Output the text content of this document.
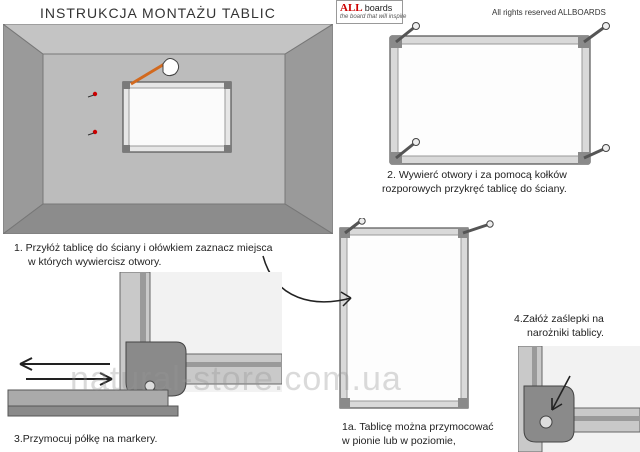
INSTRUKCJA MONTAŻU TABLIC	ALL boards
the board that will inspire	All rights reserved ALLBOARDS
2. Wywierć otwory i za pomocą kołków
rozporowych przykręć tablicę do ściany.
1. Przyłóż tablicę do ściany i ołówkiem zaznacz miejsca
w których wywiercisz otwory.
3.Przymocuj półkę na markery.
4.Załóż zaślepki na
narożniki tablicy.
1a. Tablicę można przymocować
w pionie lub w poziomie,
natural-store.com.ua
